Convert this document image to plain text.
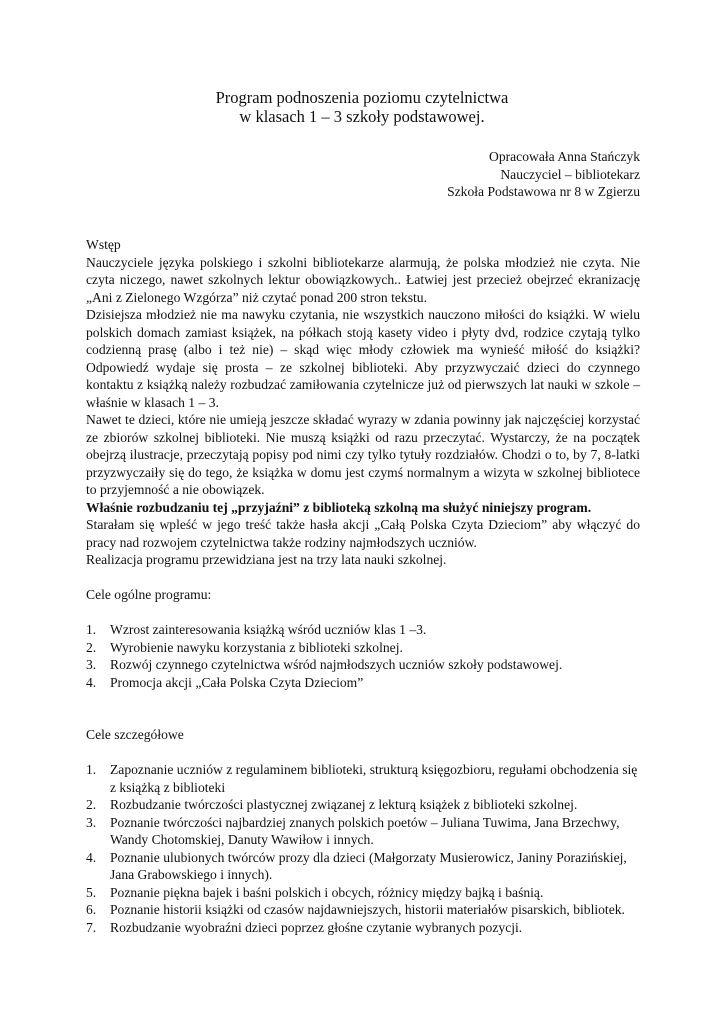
Program podnoszenia poziomu czytelnictwa
w klasach 1 – 3 szkoły podstawowej.
Opracowała Anna Stańczyk
Nauczyciel – bibliotekarz
Szkoła Podstawowa nr 8 w Zgierzu

Wstęp

Nauczyciele języka polskiego i szkolni bibliotekarze alarmują, że polska młodzież nie czyta. Nie czyta niczego, nawet szkolnych lektur obowiązkowych.. Łatwiej jest przecież obejrzeć ekranizację „Ani z Zielonego Wzgórza” niż czytać ponad 200 stron tekstu.

Dzisiejsza młodzież nie ma nawyku czytania, nie wszystkich nauczono miłości do książki. W wielu polskich domach zamiast książek, na półkach stoją kasety video i płyty dvd, rodzice czytają tylko codzienną prasę (albo i też nie) – skąd więc młody człowiek ma wynieść miłość do książki? Odpowiedź wydaje się prosta – ze szkolnej biblioteki. Aby przyzwyczaić dzieci do czynnego kontaktu z książką należy rozbudzać zamiłowania czytelnicze już od pierwszych lat nauki w szkole – właśnie w klasach 1 – 3.

Nawet te dzieci, które nie umieją jeszcze składać wyrazy w zdania powinny jak najczęściej korzystać ze zbiorów szkolnej biblioteki. Nie muszą książki od razu przeczytać. Wystarczy, że na początek obejrzą ilustracje, przeczytają popisy pod nimi czy tylko tytuły rozdziałów. Chodzi o to, by 7, 8-latki przyzwyczaiły się do tego, że książka w domu jest czymś normalnym a wizyta w szkolnej bibliotece to przyjemność a nie obowiązek.

Właśnie rozbudzaniu tej „przyjaźni” z biblioteką szkolną ma służyć niniejszy program.

Starałam się wpleść w jego treść także hasła akcji „Całą Polska Czyta Dzieciom” aby włączyć do pracy nad rozwojem czytelnictwa także rodziny najmłodszych uczniów.

Realizacja programu przewidziana jest na trzy lata nauki szkolnej.

Cele ogólne programu:

1. Wzrost zainteresowania książką wśród uczniów klas 1 –3.
2. Wyrobienie nawyku korzystania z biblioteki szkolnej.
3. Rozwój czynnego czytelnictwa wśród najmłodszych uczniów szkoły podstawowej.
4. Promocja akcji „Cała Polska Czyta Dzieciom”

Cele szczegółowe

1. Zapoznanie uczniów z regulaminem biblioteki, strukturą księgozbioru, regułami obchodzenia się z książką z biblioteki
2. Rozbudzanie twórczości plastycznej związanej z lekturą książek z biblioteki szkolnej.
3. Poznanie twórczości najbardziej znanych polskich poetów – Juliana Tuwima, Jana Brzechwy, Wandy Chotomskiej, Danuty Wawiłow i innych.
4. Poznanie ulubionych twórców prozy dla dzieci (Małgorzaty Musierowicz, Janiny Porazińskiej, Jana Grabowskiego i innych).
5. Poznanie piękna bajek i baśni polskich i obcych, różnicy między bajką i baśnią.
6. Poznanie historii książki od czasów najdawniejszych, historii materiałów pisarskich, bibliotek.
7. Rozbudzanie wyobraźni dzieci poprzez głośne czytanie wybranych pozycji.
